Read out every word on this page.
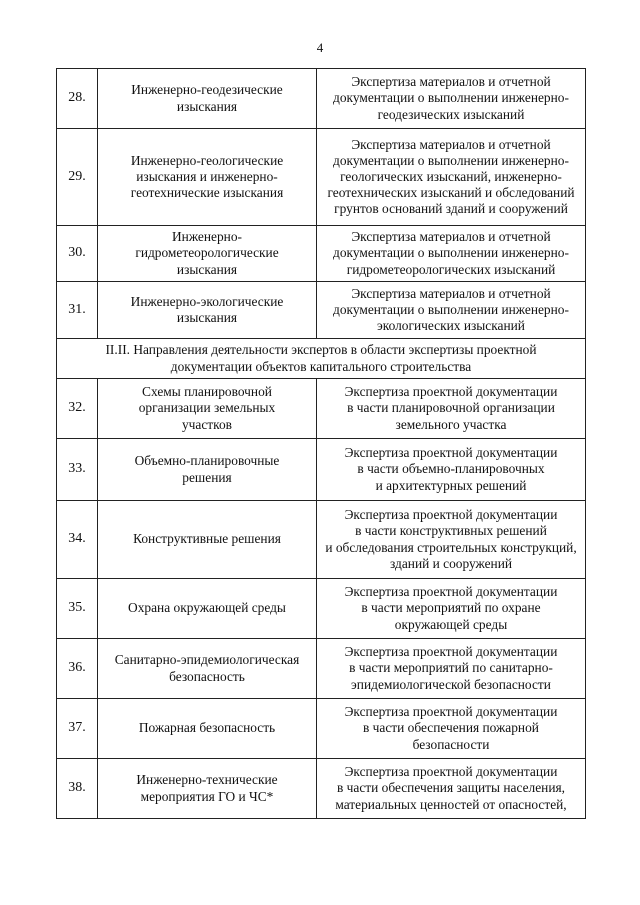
4
28.	Инженерно-геодезические
изыскания	Экспертиза материалов и отчетной
документации о выполнении инженерно-
геодезических изысканий
29.	Инженерно-геологические
изыскания и инженерно-
геотехнические изыскания	Экспертиза материалов и отчетной
документации о выполнении инженерно-
геологических изысканий, инженерно-
геотехнических изысканий и обследований
грунтов оснований зданий и сооружений
30.	Инженерно-
гидрометеорологические
изыскания	Экспертиза материалов и отчетной
документации о выполнении инженерно-
гидрометеорологических изысканий
31.	Инженерно-экологические
изыскания	Экспертиза материалов и отчетной
документации о выполнении инженерно-
экологических изысканий
II.II. Направления деятельности экспертов в области экспертизы проектной
документации объектов капитального строительства		
32.	Схемы планировочной
организации земельных
участков	Экспертиза проектной документации
в части планировочной организации
земельного участка
33.	Объемно-планировочные
решения	Экспертиза проектной документации
в части объемно-планировочных
и архитектурных решений
34.	Конструктивные решения	Экспертиза проектной документации
в части конструктивных решений
и обследования строительных конструкций,
зданий и сооружений
35.	Охрана окружающей среды	Экспертиза проектной документации
в части мероприятий по охране
окружающей среды
36.	Санитарно-эпидемиологическая
безопасность	Экспертиза проектной документации
в части мероприятий по санитарно-
эпидемиологической безопасности
37.	Пожарная безопасность	Экспертиза проектной документации
в части обеспечения пожарной
безопасности
38.	Инженерно-технические
мероприятия ГО и ЧС*	Экспертиза проектной документации
в части обеспечения защиты населения,
материальных ценностей от опасностей,
